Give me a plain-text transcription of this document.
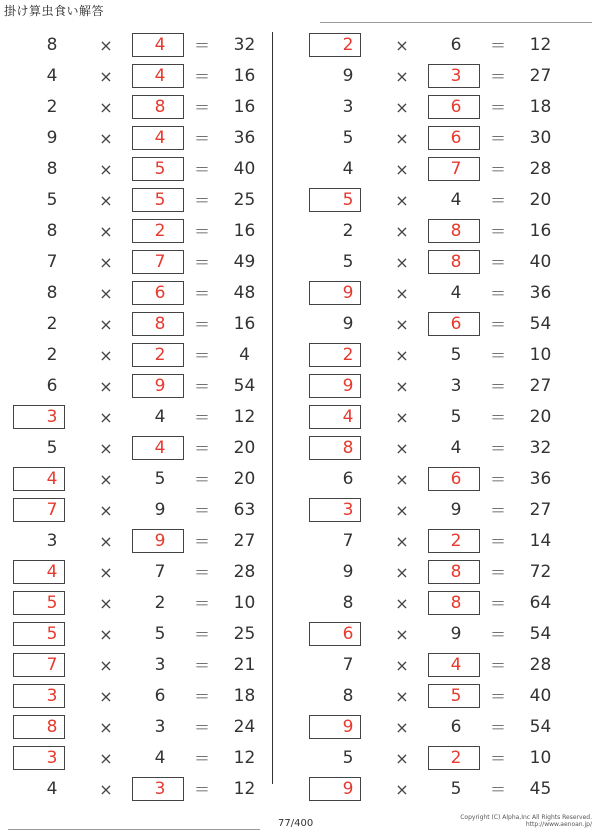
掛け算虫食い解答
8	×	4	＝	32
4	×	4	＝	16
2	×	8	＝	16
9	×	4	＝	36
8	×	5	＝	40
5	×	5	＝	25
8	×	2	＝	16
7	×	7	＝	49
8	×	6	＝	48
2	×	8	＝	16
2	×	2	＝	4
6	×	9	＝	54
3	×	4	＝	12
5	×	4	＝	20
4	×	5	＝	20
7	×	9	＝	63
3	×	9	＝	27
4	×	7	＝	28
5	×	2	＝	10
5	×	5	＝	25
7	×	3	＝	21
3	×	6	＝	18
8	×	3	＝	24
3	×	4	＝	12
4	×	3	＝	12
2	×	6	＝	12
9	×	3	＝	27
3	×	6	＝	18
5	×	6	＝	30
4	×	7	＝	28
5	×	4	＝	20
2	×	8	＝	16
5	×	8	＝	40
9	×	4	＝	36
9	×	6	＝	54
2	×	5	＝	10
9	×	3	＝	27
4	×	5	＝	20
8	×	4	＝	32
6	×	6	＝	36
3	×	9	＝	27
7	×	2	＝	14
9	×	8	＝	72
8	×	8	＝	64
6	×	9	＝	54
7	×	4	＝	28
8	×	5	＝	40
9	×	6	＝	54
5	×	2	＝	10
9	×	5	＝	45
77/400
Copyright (C) Alpha,Inc All Rights Reserved.
http://www.aenoan.jp/
